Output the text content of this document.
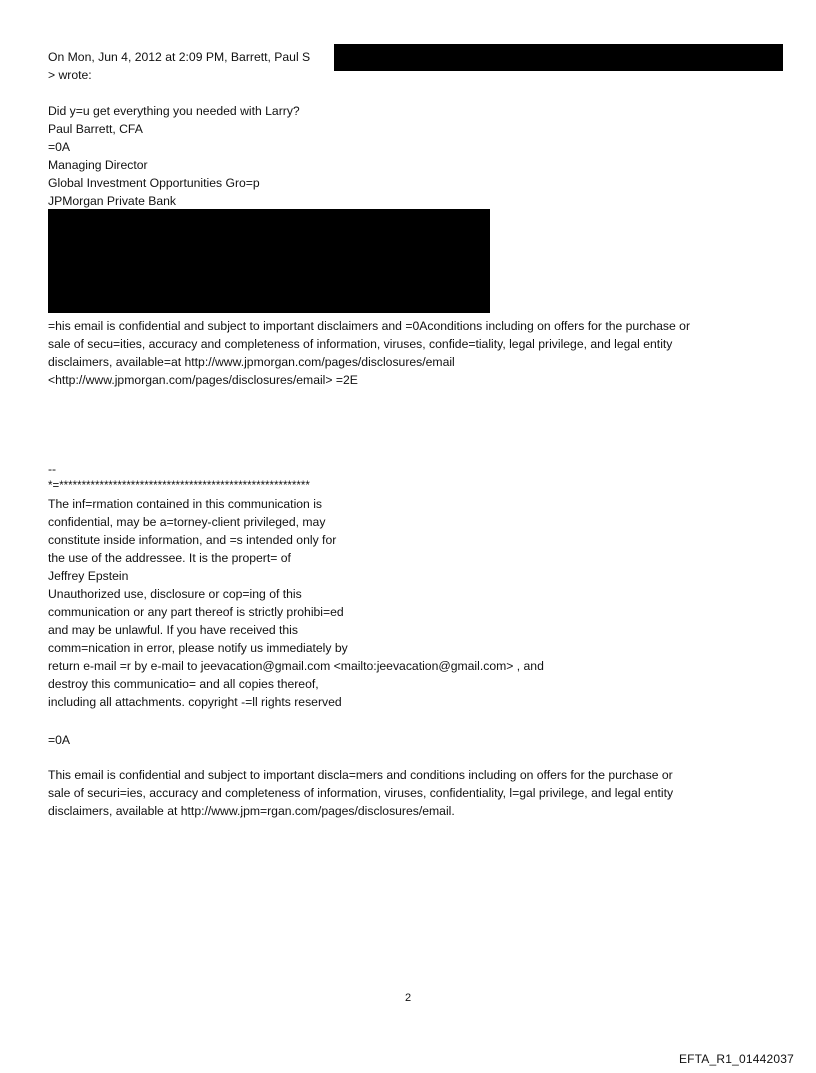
On Mon, Jun 4, 2012 at 2:09 PM, Barrett, Paul S
> wrote:
Did y=u get everything you needed with Larry?
Paul Barrett, CFA
=0A
Managing Director
Global Investment Opportunities Gro=p
JPMorgan Private Bank
=his email is confidential and subject to important disclaimers and =0Aconditions including on offers for the purchase or
sale of secu=ities, accuracy and completeness of information, viruses, confide=tiality, legal privilege, and legal entity
disclaimers, available=at http://www.jpmorgan.com/pages/disclosures/email
<http://www.jpmorgan.com/pages/disclosures/email> =2E
--
*=********************************************************
The inf=rmation contained in this communication is
confidential, may be a=torney-client privileged, may
constitute inside information, and =s intended only for
the use of the addressee. It is the propert= of
Jeffrey Epstein
Unauthorized use, disclosure or cop=ing of this
communication or any part thereof is strictly prohibi=ed
and may be unlawful. If you have received this
comm=nication in error, please notify us immediately by
return e-mail =r by e-mail to jeevacation@gmail.com <mailto:jeevacation@gmail.com> , and
destroy this communicatio= and all copies thereof,
including all attachments. copyright -=ll rights reserved
=0A
This email is confidential and subject to important discla=mers and conditions including on offers for the purchase or
sale of securi=ies, accuracy and completeness of information, viruses, confidentiality, l=gal privilege, and legal entity
disclaimers, available at http://www.jpm=rgan.com/pages/disclosures/email.
2
EFTA_R1_01442037
